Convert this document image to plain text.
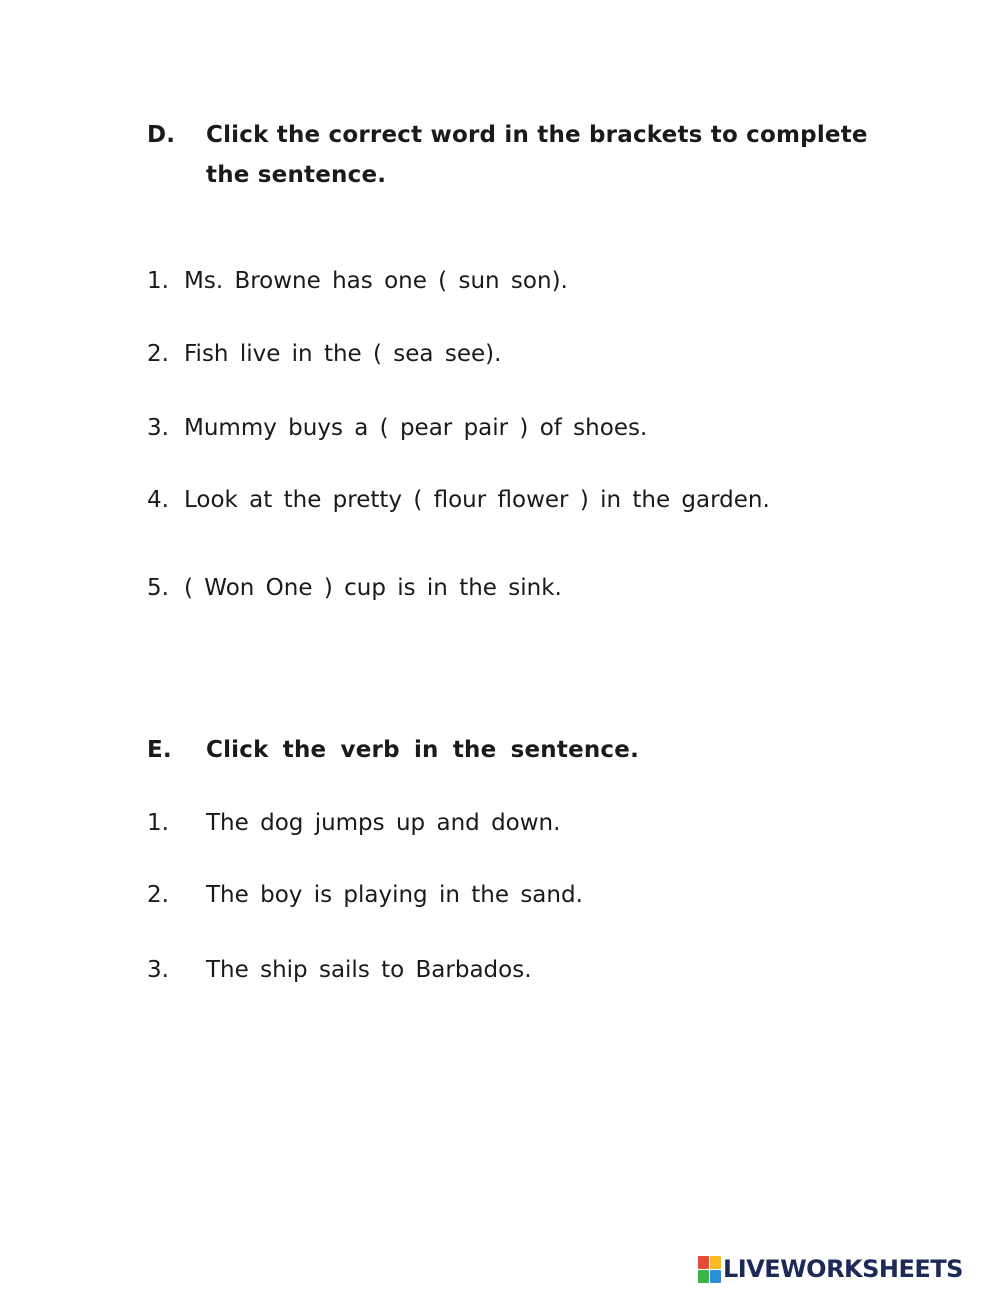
D. Click the correct word in the brackets to complete
the sentence.
1. Ms. Browne has one ( sun son).
2. Fish live in the ( sea see).
3. Mummy buys a ( pear pair ) of shoes.
4. Look at the pretty ( flour flower ) in the garden.
5. ( Won One ) cup is in the sink.
E. Click the verb in the sentence.
1. The dog jumps up and down.
2. The boy is playing in the sand.
3. The ship sails to Barbados.
LIVEWORKSHEETS
